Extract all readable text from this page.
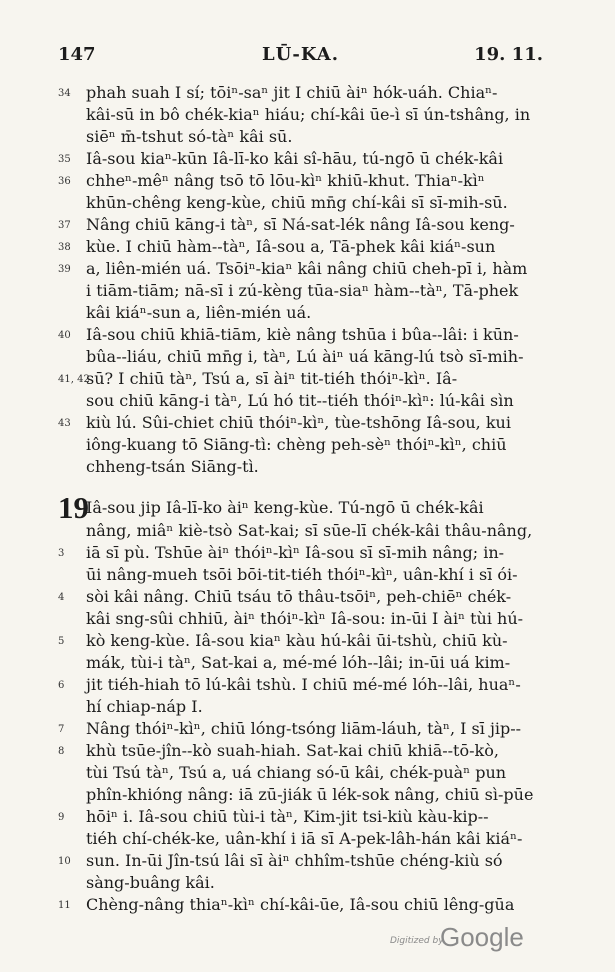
147	LŪ-KA.	19. 11.
34 phah suah I sí; tōiⁿ-saⁿ jit I chiū àiⁿ hók-uáh. Chiaⁿ-
kâi-sū in bô chék-kiaⁿ hiáu; chí-kâi ūe-ì sī ún-tshâng, in
siēⁿ m̄-tshut só-tàⁿ kâi sū.
35 Iâ-sou kiaⁿ-kūn Iâ-lī-ko kâi sî-hāu, tú-ngō ū chék-kâi
36 chheⁿ-mêⁿ nâng tsō tō lōu-kìⁿ khiū-khut. Thiaⁿ-kìⁿ
khūn-chêng keng-kùe, chiū mn̄g chí-kâi sī sī-mih-sū.
37 Nâng chiū kāng-i tàⁿ, sī Ná-sat-lék nâng Iâ-sou keng-
38 kùe. I chiū hàm--tàⁿ, Iâ-sou a, Tā-phek kâi kiáⁿ-sun
39 a, liên-mién uá. Tsōiⁿ-kiaⁿ kâi nâng chiū cheh-pī i, hàm
i tiām-tiām; nā-sī i zú-kèng tūa-siaⁿ hàm--tàⁿ, Tā-phek
kâi kiáⁿ-sun a, liên-mién uá.
40 Iâ-sou chiū khiā-tiām, kiè nâng tshūa i bûa--lâi: i kūn-
bûa--liáu, chiū mn̄g i, tàⁿ, Lú àiⁿ uá kāng-lú tsò sī-mih-
41, 42
sū? I chiū tàⁿ, Tsú a, sī àiⁿ tit-tiéh thói⁠ⁿ-kìⁿ. Iâ-
sou chiū kāng-i tàⁿ, Lú hó tit--tiéh thóiⁿ-kìⁿ: lú-kâi sìn
43 kiù lú. Sûi-chiet chiū thóiⁿ-kìⁿ, tùe-tshōng Iâ-sou, kui
iông-kuang tō Siāng-tì: chèng peh-sèⁿ thóiⁿ-kìⁿ, chiū
chheng-tsán Siāng-tì.
19
Iâ-sou jip Iâ-lī-ko àiⁿ keng-kùe. Tú-ngō ū chék-kâi
nâng, miâⁿ kiè-tsò Sat-kai; sī sūe-lī chék-kâi thâu-nâng,
3	iā sī pù. Tshūe àiⁿ thóiⁿ-kìⁿ Iâ-sou sī sī-mih nâng; in-
ūi nâng-mueh tsōi bōi-tit-tiéh thóiⁿ-kìⁿ, uân-khí i sī ói-
4	sòi kâi nâng. Chiū tsáu tō thâu-tsōiⁿ, peh-chiēⁿ chék-
kâi sng-sûi chhiū, àiⁿ thóiⁿ-kìⁿ Iâ-sou: in-ūi I àiⁿ tùi hú-
5	kò keng-kùe. Iâ-sou kiaⁿ kàu hú-kâi ūi-tshù, chiū kù-
mák, tùi-i tàⁿ, Sat-kai a, mé-mé lóh--lâi; in-ūi uá kim-
6	jit tiéh-hiah tō lú-kâi tshù. I chiū mé-mé lóh--lâi, huaⁿ-
hí chiap-náp I.
7	Nâng thóiⁿ-kìⁿ, chiū lóng-tsóng liām-láuh, tàⁿ, I sī jip--
8	khù tsūe-jîn--kò suah-hiah. Sat-kai chiū khiā--tō-kò,
tùi Tsú tàⁿ, Tsú a, uá chiang só-ū kâi, chék-puàⁿ pun
phîn-khióng nâng: iā zū-jiák ū lék-sok nâng, chiū sì-pūe
9	hōiⁿ i. Iâ-sou chiū tùi-i tàⁿ, Kim-jit tsi-kiù kàu-kip--
tiéh chí-chék-ke, uân-khí i iā sī A-pek-lâh-hán kâi kiáⁿ-
10 sun. In-ūi Jîn-tsú lâi sī àiⁿ chhîm-tshūe chéng-kiù só
sàng-buâng kâi.
11 Chèng-nâng thiaⁿ-kìⁿ chí-kâi-ūe, Iâ-sou chiū lêng-gūa
Digitized by
Google
